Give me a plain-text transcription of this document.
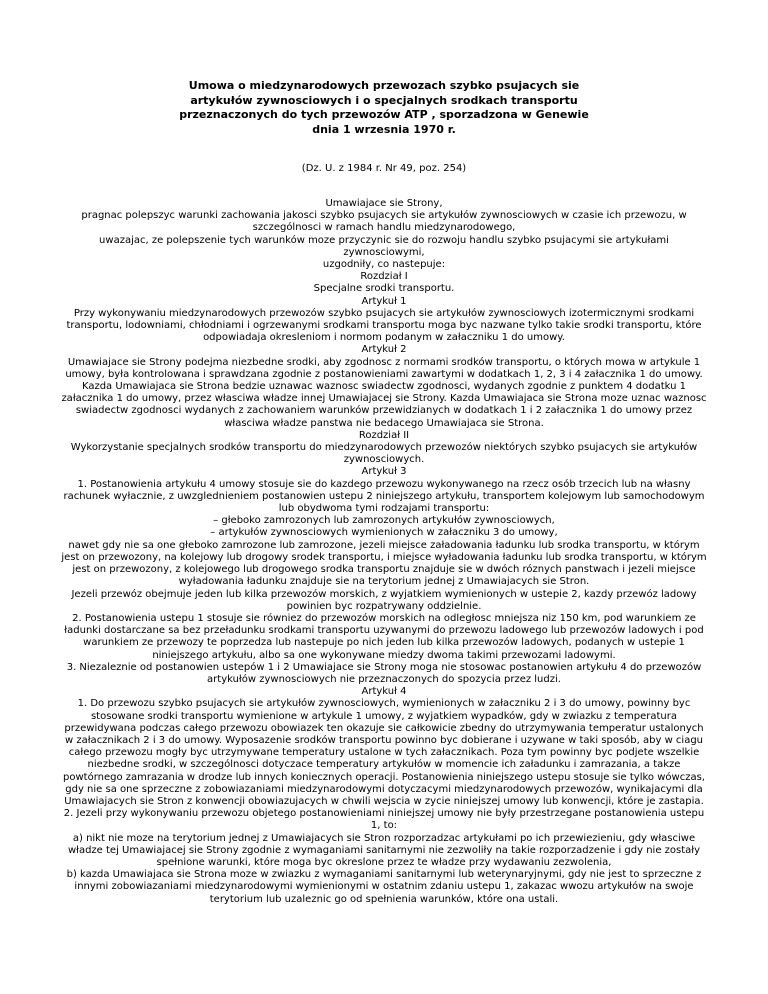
Umowa o miedzynarodowych przewozach szybko psujacych sie artykułów zywnosciowych i o specjalnych srodkach transportu przeznaczonych do tych przewozów ATP , sporzadzona w Genewie dnia 1 wrzesnia 1970 r.
(Dz. U. z 1984 r. Nr 49, poz. 254)

Umawiajace sie Strony,

pragnac polepszyc warunki zachowania jakosci szybko psujacych sie artykułów zywnosciowych w czasie ich przewozu, w szczególnosci w ramach handlu miedzynarodowego,

uwazajac, ze polepszenie tych warunków moze przyczynic sie do rozwoju handlu szybko psujacymi sie artykułami zywnosciowymi,

uzgodniły, co nastepuje:

Rozdział I

Specjalne srodki transportu.

Artykuł 1

Przy wykonywaniu miedzynarodowych przewozów szybko psujacych sie artykułów zywnosciowych izotermicznymi srodkami transportu, lodowniami, chłodniami i ogrzewanymi srodkami transportu moga byc nazwane tylko takie srodki transportu, które odpowiadaja okresleniom i normom podanym w załaczniku 1 do umowy.

Artykuł 2

Umawiajace sie Strony podejma niezbedne srodki, aby zgodnosc z normami srodków transportu, o których mowa w artykule 1 umowy, była kontrolowana i sprawdzana zgodnie z postanowieniami zawartymi w dodatkach 1, 2, 3 i 4 załacznika 1 do umowy. Kazda Umawiajaca sie Strona bedzie uznawac waznosc swiadectw zgodnosci, wydanych zgodnie z punktem 4 dodatku 1 załacznika 1 do umowy, przez własciwa władze innej Umawiajacej sie Strony. Kazda Umawiajaca sie Strona moze uznac waznosc swiadectw zgodnosci wydanych z zachowaniem warunków przewidzianych w dodatkach 1 i 2 załacznika 1 do umowy przez własciwa władze panstwa nie bedacego Umawiajaca sie Strona.

Rozdział II

Wykorzystanie specjalnych srodków transportu do miedzynarodowych przewozów niektórych szybko psujacych sie artykułów zywnosciowych.

Artykuł 3

1. Postanowienia artykułu 4 umowy stosuje sie do kazdego przewozu wykonywanego na rzecz osób trzecich lub na własny rachunek wyłacznie, z uwzglednieniem postanowien ustepu 2 niniejszego artykułu, transportem kolejowym lub samochodowym lub obydwoma tymi rodzajami transportu:

– głeboko zamrozonych lub zamrozonych artykułów zywnosciowych,

– artykułów zywnosciowych wymienionych w załaczniku 3 do umowy,

nawet gdy nie sa one głeboko zamrozone lub zamrozone, jezeli miejsce załadowania ładunku lub srodka transportu, w którym jest on przewozony, na kolejowy lub drogowy srodek transportu, i miejsce wyładowania ładunku lub srodka transportu, w którym jest on przewozony, z kolejowego lub drogowego srodka transportu znajduje sie w dwóch róznych panstwach i jezeli miejsce wyładowania ładunku znajduje sie na terytorium jednej z Umawiajacych sie Stron.

Jezeli przewóz obejmuje jeden lub kilka przewozów morskich, z wyjatkiem wymienionych w ustepie 2, kazdy przewóz ladowy powinien byc rozpatrywany oddzielnie.

2. Postanowienia ustepu 1 stosuje sie równiez do przewozów morskich na odległosc mniejsza niz 150 km, pod warunkiem ze ładunki dostarczane sa bez przeładunku srodkami transportu uzywanymi do przewozu ladowego lub przewozów ladowych i pod warunkiem ze przewozy te poprzedza lub nastepuje po nich jeden lub kilka przewozów ladowych, podanych w ustepie 1 niniejszego artykułu, albo sa one wykonywane miedzy dwoma takimi przewozami ladowymi.

3. Niezaleznie od postanowien ustepów 1 i 2 Umawiajace sie Strony moga nie stosowac postanowien artykułu 4 do przewozów artykułów zywnosciowych nie przeznaczonych do spozycia przez ludzi.

Artykuł 4

1. Do przewozu szybko psujacych sie artykułów zywnosciowych, wymienionych w załaczniku 2 i 3 do umowy, powinny byc stosowane srodki transportu wymienione w artykule 1 umowy, z wyjatkiem wypadków, gdy w zwiazku z temperatura przewidywana podczas całego przewozu obowiazek ten okazuje sie całkowicie zbedny do utrzymywania temperatur ustalonych w załacznikach 2 i 3 do umowy. Wyposazenie srodków transportu powinno byc dobierane i uzywane w taki sposób, aby w ciagu całego przewozu mogły byc utrzymywane temperatury ustalone w tych załacznikach. Poza tym powinny byc podjete wszelkie niezbedne srodki, w szczególnosci dotyczace temperatury artykułów w momencie ich załadunku i zamrazania, a takze powtórnego zamrazania w drodze lub innych koniecznych operacji. Postanowienia niniejszego ustepu stosuje sie tylko wówczas, gdy nie sa one sprzeczne z zobowiazaniami miedzynarodowymi dotyczacymi miedzynarodowych przewozów, wynikajacymi dla Umawiajacych sie Stron z konwencji obowiazujacych w chwili wejscia w zycie niniejszej umowy lub konwencji, które je zastapia.

2. Jezeli przy wykonywaniu przewozu objetego postanowieniami niniejszej umowy nie były przestrzegane postanowienia ustepu 1, to:

a) nikt nie moze na terytorium jednej z Umawiajacych sie Stron rozporzadzac artykułami po ich przewiezieniu, gdy własciwe władze tej Umawiajacej sie Strony zgodnie z wymaganiami sanitarnymi nie zezwoliły na takie rozporzadzenie i gdy nie zostały spełnione warunki, które moga byc okreslone przez te władze przy wydawaniu zezwolenia,

b) kazda Umawiajaca sie Strona moze w zwiazku z wymaganiami sanitarnymi lub weterynaryjnymi, gdy nie jest to sprzeczne z innymi zobowiazaniami miedzynarodowymi wymienionymi w ostatnim zdaniu ustepu 1, zakazac wwozu artykułów na swoje terytorium lub uzaleznic go od spełnienia warunków, które ona ustali.
